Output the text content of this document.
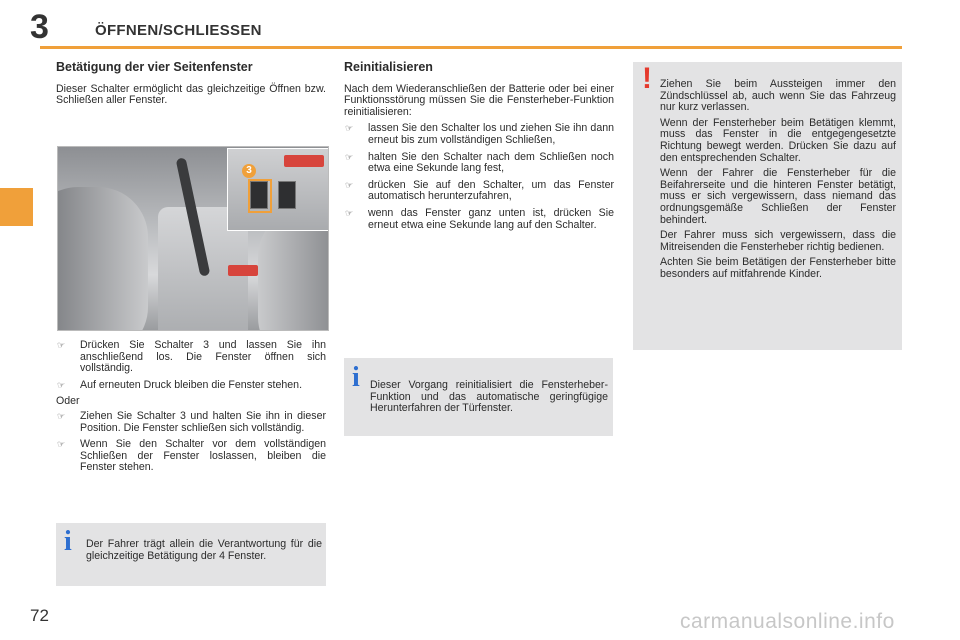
3	ÖFFNEN/SCHLIESSEN
Betätigung der vier Seitenfenster

Dieser Schalter ermöglicht das gleichzeitige Öffnen bzw. Schließen aller Fenster.

3
☞ Drücken Sie Schalter 3 und lassen Sie ihn anschließend los. Die Fenster öffnen sich vollständig.
☞ Auf erneuten Druck bleiben die Fenster stehen.

Oder

☞ Ziehen Sie Schalter 3 und halten Sie ihn in dieser Position. Die Fenster schließen sich vollständig.
☞ Wenn Sie den Schalter vor dem vollständigen Schließen der Fenster loslassen, bleiben die Fenster stehen.
i Der Fahrer trägt allein die Verantwortung für die gleichzeitige Betätigung der 4 Fenster.
Reinitialisieren

Nach dem Wiederanschließen der Batterie oder bei einer Funktionsstörung müssen Sie die Fensterheber-Funktion reinitialisieren:

☞ lassen Sie den Schalter los und ziehen Sie ihn dann erneut bis zum vollständigen Schließen,
☞ halten Sie den Schalter nach dem Schließen noch etwa eine Sekunde lang fest,
☞ drücken Sie auf den Schalter, um das Fenster automatisch herunterzufahren,
☞ wenn das Fenster ganz unten ist, drücken Sie erneut etwa eine Sekunde lang auf den Schalter.
i Dieser Vorgang reinitialisiert die Fensterheber-Funktion und das automatische geringfügige Herunterfahren der Türfenster.
! Ziehen Sie beim Aussteigen immer den Zündschlüssel ab, auch wenn Sie das Fahrzeug nur kurz verlassen.

Wenn der Fensterheber beim Betätigen klemmt, muss das Fenster in die entgegengesetzte Richtung bewegt werden. Drücken Sie dazu auf den entsprechenden Schalter.

Wenn der Fahrer die Fensterheber für die Beifahrerseite und die hinteren Fenster betätigt, muss er sich vergewissern, dass niemand das ordnungsgemäße Schließen der Fenster behindert.

Der Fahrer muss sich vergewissern, dass die Mitreisenden die Fensterheber richtig bedienen.

Achten Sie beim Betätigen der Fensterheber bitte besonders auf mitfahrende Kinder.

72	carmanualsonline.info
